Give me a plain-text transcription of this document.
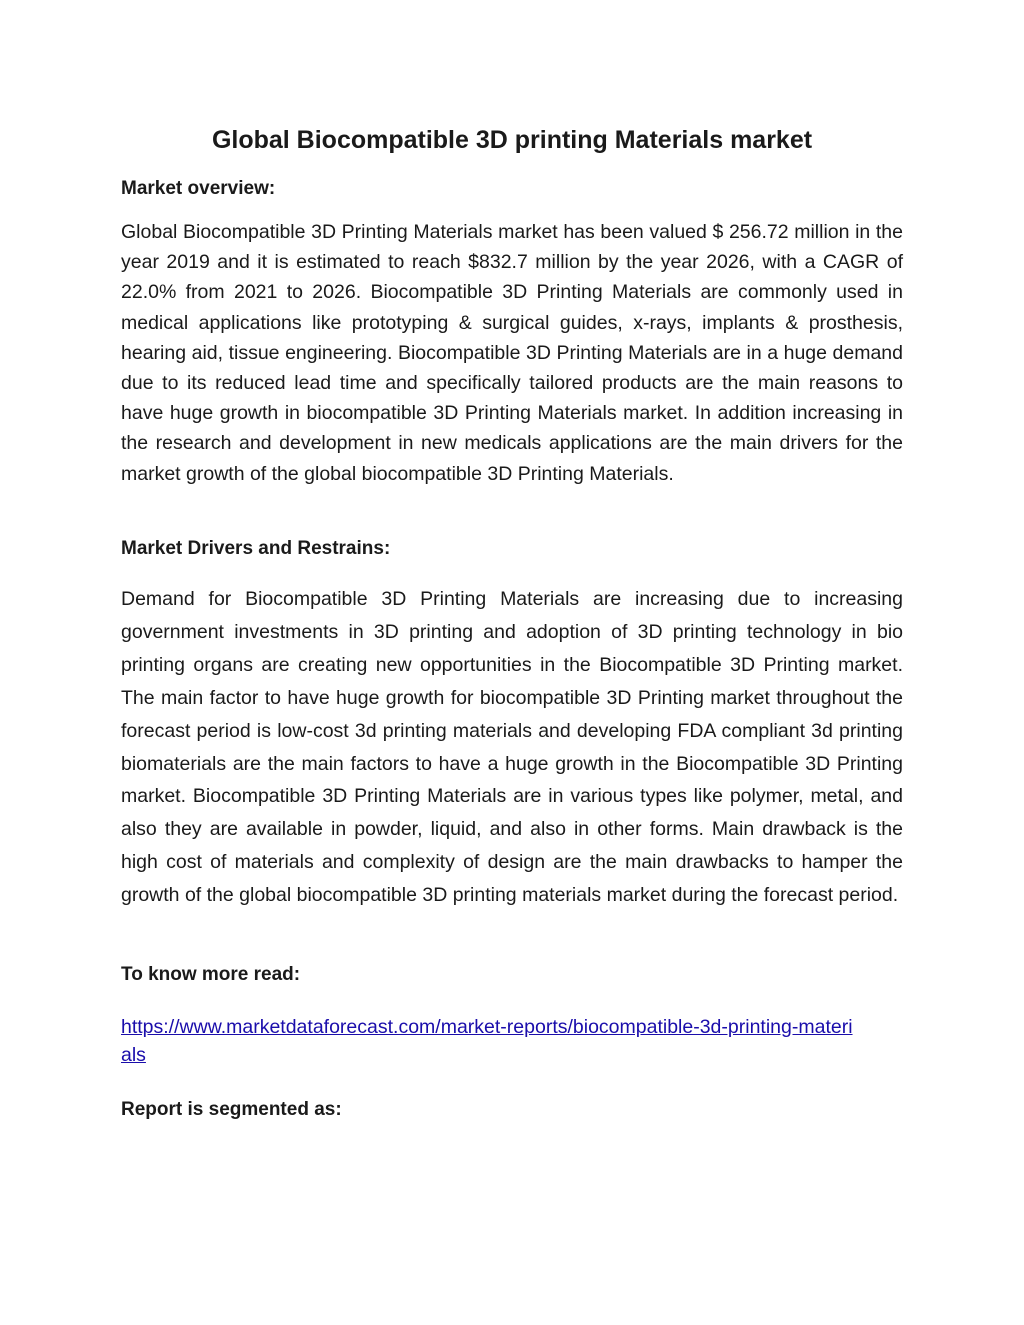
Global Biocompatible 3D printing Materials market
Market overview:

Global Biocompatible 3D Printing Materials market has been valued $ 256.72 million in the year 2019 and it is estimated to reach $832.7 million by the year 2026, with a CAGR of 22.0% from 2021 to 2026. Biocompatible 3D Printing Materials are commonly used in medical applications like prototyping & surgical guides, x-rays, implants & prosthesis, hearing aid, tissue engineering. Biocompatible 3D Printing Materials are in a huge demand due to its reduced lead time and specifically tailored products are the main reasons to have huge growth in biocompatible 3D Printing Materials market. In addition increasing in the research and development in new medicals applications are the main drivers for the market growth of the global biocompatible 3D Printing Materials.

Market Drivers and Restrains:

Demand for Biocompatible 3D Printing Materials are increasing due to increasing government investments in 3D printing and adoption of 3D printing technology in bio printing organs are creating new opportunities in the Biocompatible 3D Printing market. The main factor to have huge growth for biocompatible 3D Printing market throughout the forecast period is low-cost 3d printing materials and developing FDA compliant 3d printing biomaterials are the main factors to have a huge growth in the Biocompatible 3D Printing market. Biocompatible 3D Printing Materials are in various types like polymer, metal, and also they are available in powder, liquid, and also in other forms. Main drawback is the high cost of materials and complexity of design are the main drawbacks to hamper the growth of the global biocompatible 3D printing materials market during the forecast period.

To know more read:
https://www.marketdataforecast.com/market-reports/biocompatible-3d-printing-materials
Report is segmented as:
